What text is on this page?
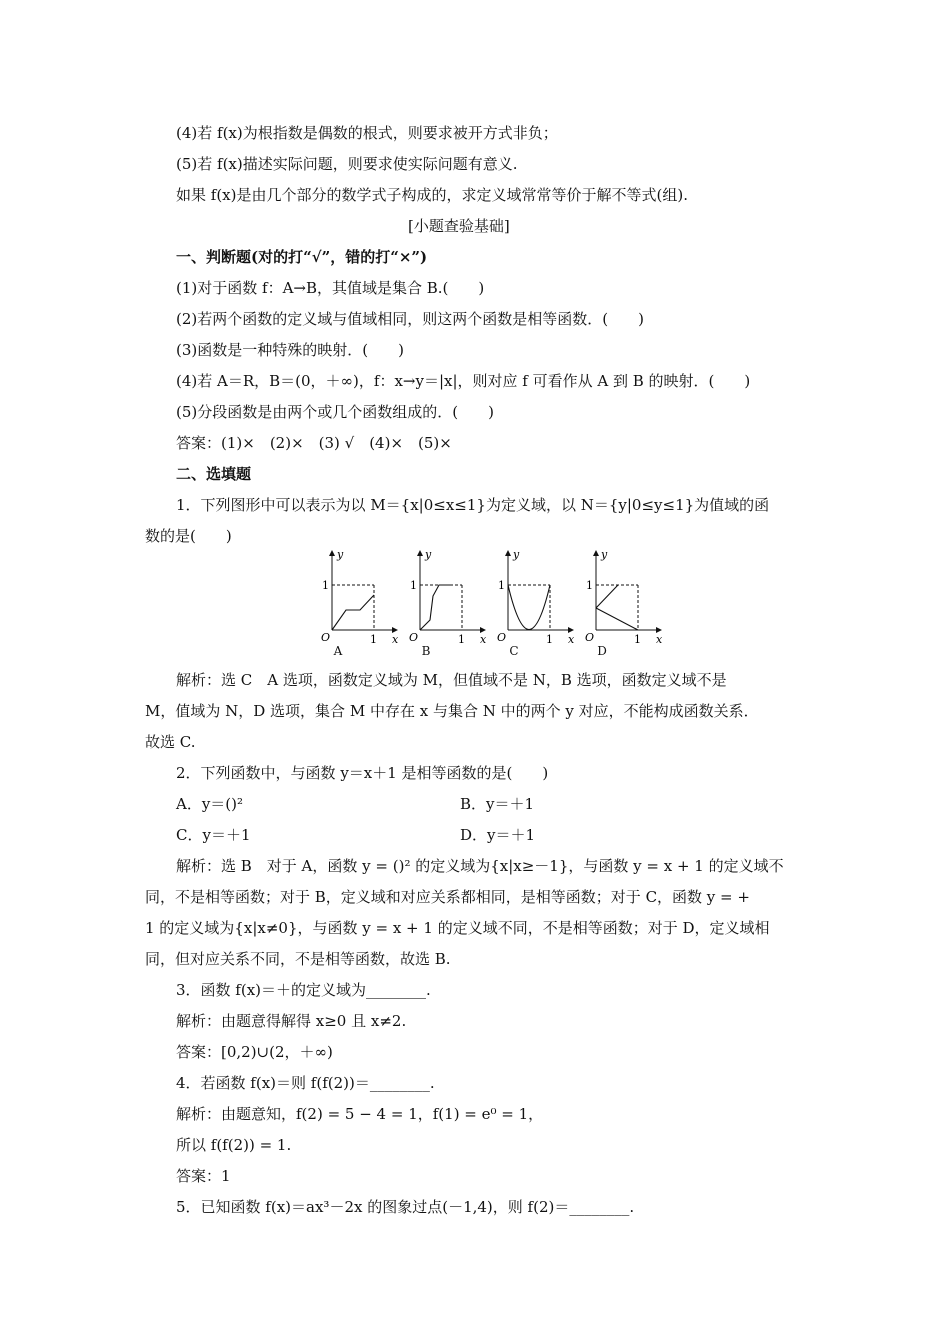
(4)若 f(x)为根指数是偶数的根式，则要求被开方式非负；
(5)若 f(x)描述实际问题，则要求使实际问题有意义.
如果 f(x)是由几个部分的数学式子构成的，求定义域常常等价于解不等式(组).
[小题查验基础]
一、判断题(对的打“√”，错的打“×”)
(1)对于函数 f：A→B，其值域是集合 B.(　　)
(2)若两个函数的定义域与值域相同，则这两个函数是相等函数．(　　)
(3)函数是一种特殊的映射．(　　)
(4)若 A＝R，B＝(0，＋∞)，f：x→y＝|x|，则对应 f 可看作从 A 到 B 的映射．(　　)
(5)分段函数是由两个或几个函数组成的．(　　)
答案：(1)×　(2)×　(3) √　(4)×　(5)×
二、选填题
1．下列图形中可以表示为以 M＝{x|0≤x≤1}为定义域，以 N＝{y|0≤y≤1}为值域的函
数的是(　　)
y
x
O
1
1
y
x
O
1
1
y
x
O
1
1
y
x
O
1
1
A	B	C	D
解析：选 C　A 选项，函数定义域为 M，但值域不是 N，B 选项，函数定义域不是
M，值域为 N，D 选项，集合 M 中存在 x 与集合 N 中的两个 y 对应，不能构成函数关系．
故选 C.
2．下列函数中，与函数 y＝x＋1 是相等函数的是(　　)
A．y＝()²	B．y＝＋1
C．y＝＋1	D．y＝＋1
解析：选 B　对于 A，函数 y = ()² 的定义域为{x|x≥－1}，与函数 y = x + 1 的定义域不
同，不是相等函数；对于 B，定义域和对应关系都相同，是相等函数；对于 C，函数 y = +
1 的定义域为{x|x≠0}，与函数 y = x + 1 的定义域不同，不是相等函数；对于 D，定义域相
同，但对应关系不同，不是相等函数，故选 B.
3．函数 f(x)＝＋的定义域为________.
解析：由题意得解得 x≥0 且 x≠2.
答案：[0,2)∪(2，＋∞)
4．若函数 f(x)＝则 f(f(2))＝________.
解析：由题意知，f(2) = 5 − 4 = 1，f(1) = e⁰ = 1，
所以 f(f(2)) = 1.
答案：1
5．已知函数 f(x)＝ax³－2x 的图象过点(－1,4)，则 f(2)＝________.
